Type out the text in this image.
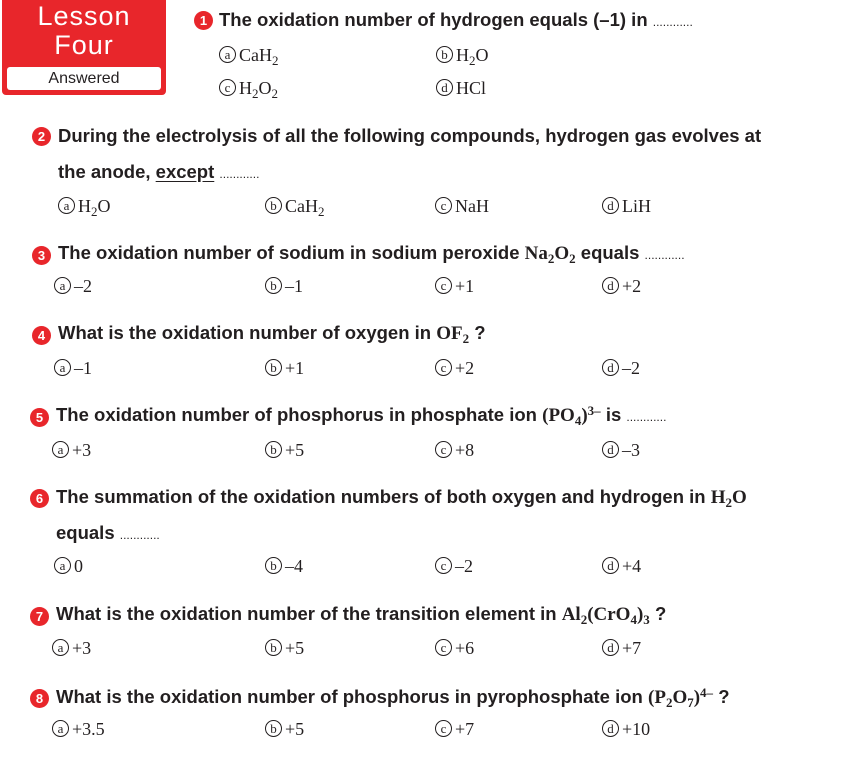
Lesson
Four
Answered
1 The oxidation number of hydrogen equals (–1) in ............
a CaH$_2$	b $H_2O$
c $H_2O_2$	d HCl
2 During the electrolysis of all the following compounds, hydrogen gas evolves at
the anode, except ............
a $H_2O$	b CaH$_2$	c NaH	d LiH
3 The oxidation number of sodium in sodium peroxide $Na_2O_2$ equals ............
a –2	b –1	c +1	d +2
4 What is the oxidation number of oxygen in $OF_2$ ?
a –1	b +1	c +2	d –2
5 The oxidation number of phosphorus in phosphate ion $(PO_4)^{3-}$ is ............
a +3	b +5	c +8	d –3
6 The summation of the oxidation numbers of both oxygen and hydrogen in $H_2O$
equals ............
a 0	b –4	c –2	d +4
7 What is the oxidation number of the transition element in $Al_2(CrO_4)_3$ ?
a +3	b +5	c +6	d +7
8 What is the oxidation number of phosphorus in pyrophosphate ion $(P_2O_7)^{4-}$ ?
a +3.5	b +5	c +7	d +10
